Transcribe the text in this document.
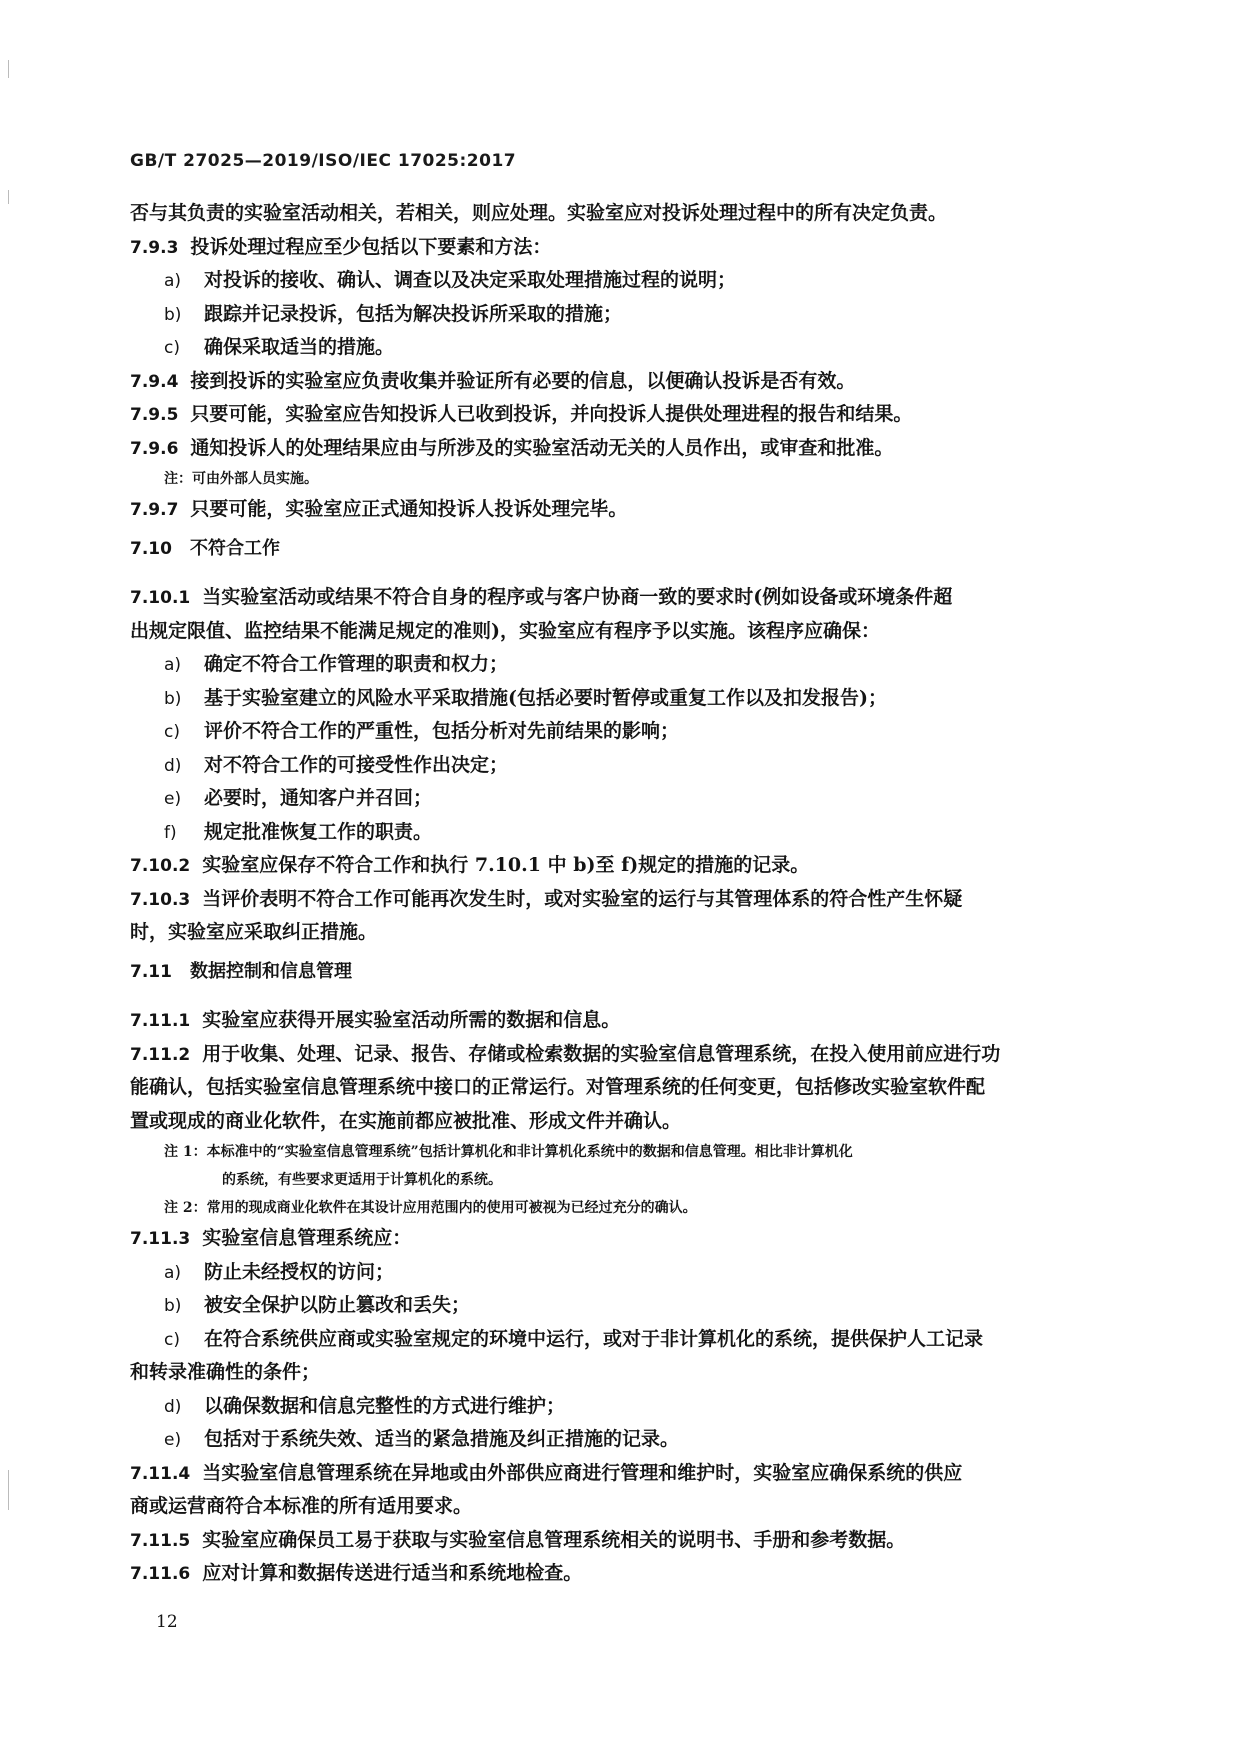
GB/T 27025—2019/ISO/IEC 17025:2017
否与其负责的实验室活动相关，若相关，则应处理。实验室应对投诉处理过程中的所有决定负责。
7.9.3 投诉处理过程应至少包括以下要素和方法：
a) 对投诉的接收、确认、调查以及决定采取处理措施过程的说明；
b) 跟踪并记录投诉，包括为解决投诉所采取的措施；
c) 确保采取适当的措施。
7.9.4 接到投诉的实验室应负责收集并验证所有必要的信息，以便确认投诉是否有效。
7.9.5 只要可能，实验室应告知投诉人已收到投诉，并向投诉人提供处理进程的报告和结果。
7.9.6 通知投诉人的处理结果应由与所涉及的实验室活动无关的人员作出，或审查和批准。
注：可由外部人员实施。
7.9.7 只要可能，实验室应正式通知投诉人投诉处理完毕。
7.10 不符合工作
7.10.1 当实验室活动或结果不符合自身的程序或与客户协商一致的要求时(例如设备或环境条件超
出规定限值、监控结果不能满足规定的准则)，实验室应有程序予以实施。该程序应确保：
a) 确定不符合工作管理的职责和权力；
b) 基于实验室建立的风险水平采取措施(包括必要时暂停或重复工作以及扣发报告)；
c) 评价不符合工作的严重性，包括分析对先前结果的影响；
d) 对不符合工作的可接受性作出决定；
e) 必要时，通知客户并召回；
f) 规定批准恢复工作的职责。
7.10.2 实验室应保存不符合工作和执行 7.10.1 中 b)至 f)规定的措施的记录。
7.10.3 当评价表明不符合工作可能再次发生时，或对实验室的运行与其管理体系的符合性产生怀疑
时，实验室应采取纠正措施。
7.11 数据控制和信息管理
7.11.1 实验室应获得开展实验室活动所需的数据和信息。
7.11.2 用于收集、处理、记录、报告、存储或检索数据的实验室信息管理系统，在投入使用前应进行功
能确认，包括实验室信息管理系统中接口的正常运行。对管理系统的任何变更，包括修改实验室软件配
置或现成的商业化软件，在实施前都应被批准、形成文件并确认。
注 1：本标准中的“实验室信息管理系统”包括计算机化和非计算机化系统中的数据和信息管理。相比非计算机化
的系统，有些要求更适用于计算机化的系统。
注 2：常用的现成商业化软件在其设计应用范围内的使用可被视为已经过充分的确认。
7.11.3 实验室信息管理系统应：
a) 防止未经授权的访问；
b) 被安全保护以防止篡改和丢失；
c) 在符合系统供应商或实验室规定的环境中运行，或对于非计算机化的系统，提供保护人工记录
和转录准确性的条件；
d) 以确保数据和信息完整性的方式进行维护；
e) 包括对于系统失效、适当的紧急措施及纠正措施的记录。
7.11.4 当实验室信息管理系统在异地或由外部供应商进行管理和维护时，实验室应确保系统的供应
商或运营商符合本标准的所有适用要求。
7.11.5 实验室应确保员工易于获取与实验室信息管理系统相关的说明书、手册和参考数据。
7.11.6 应对计算和数据传送进行适当和系统地检查。
12
